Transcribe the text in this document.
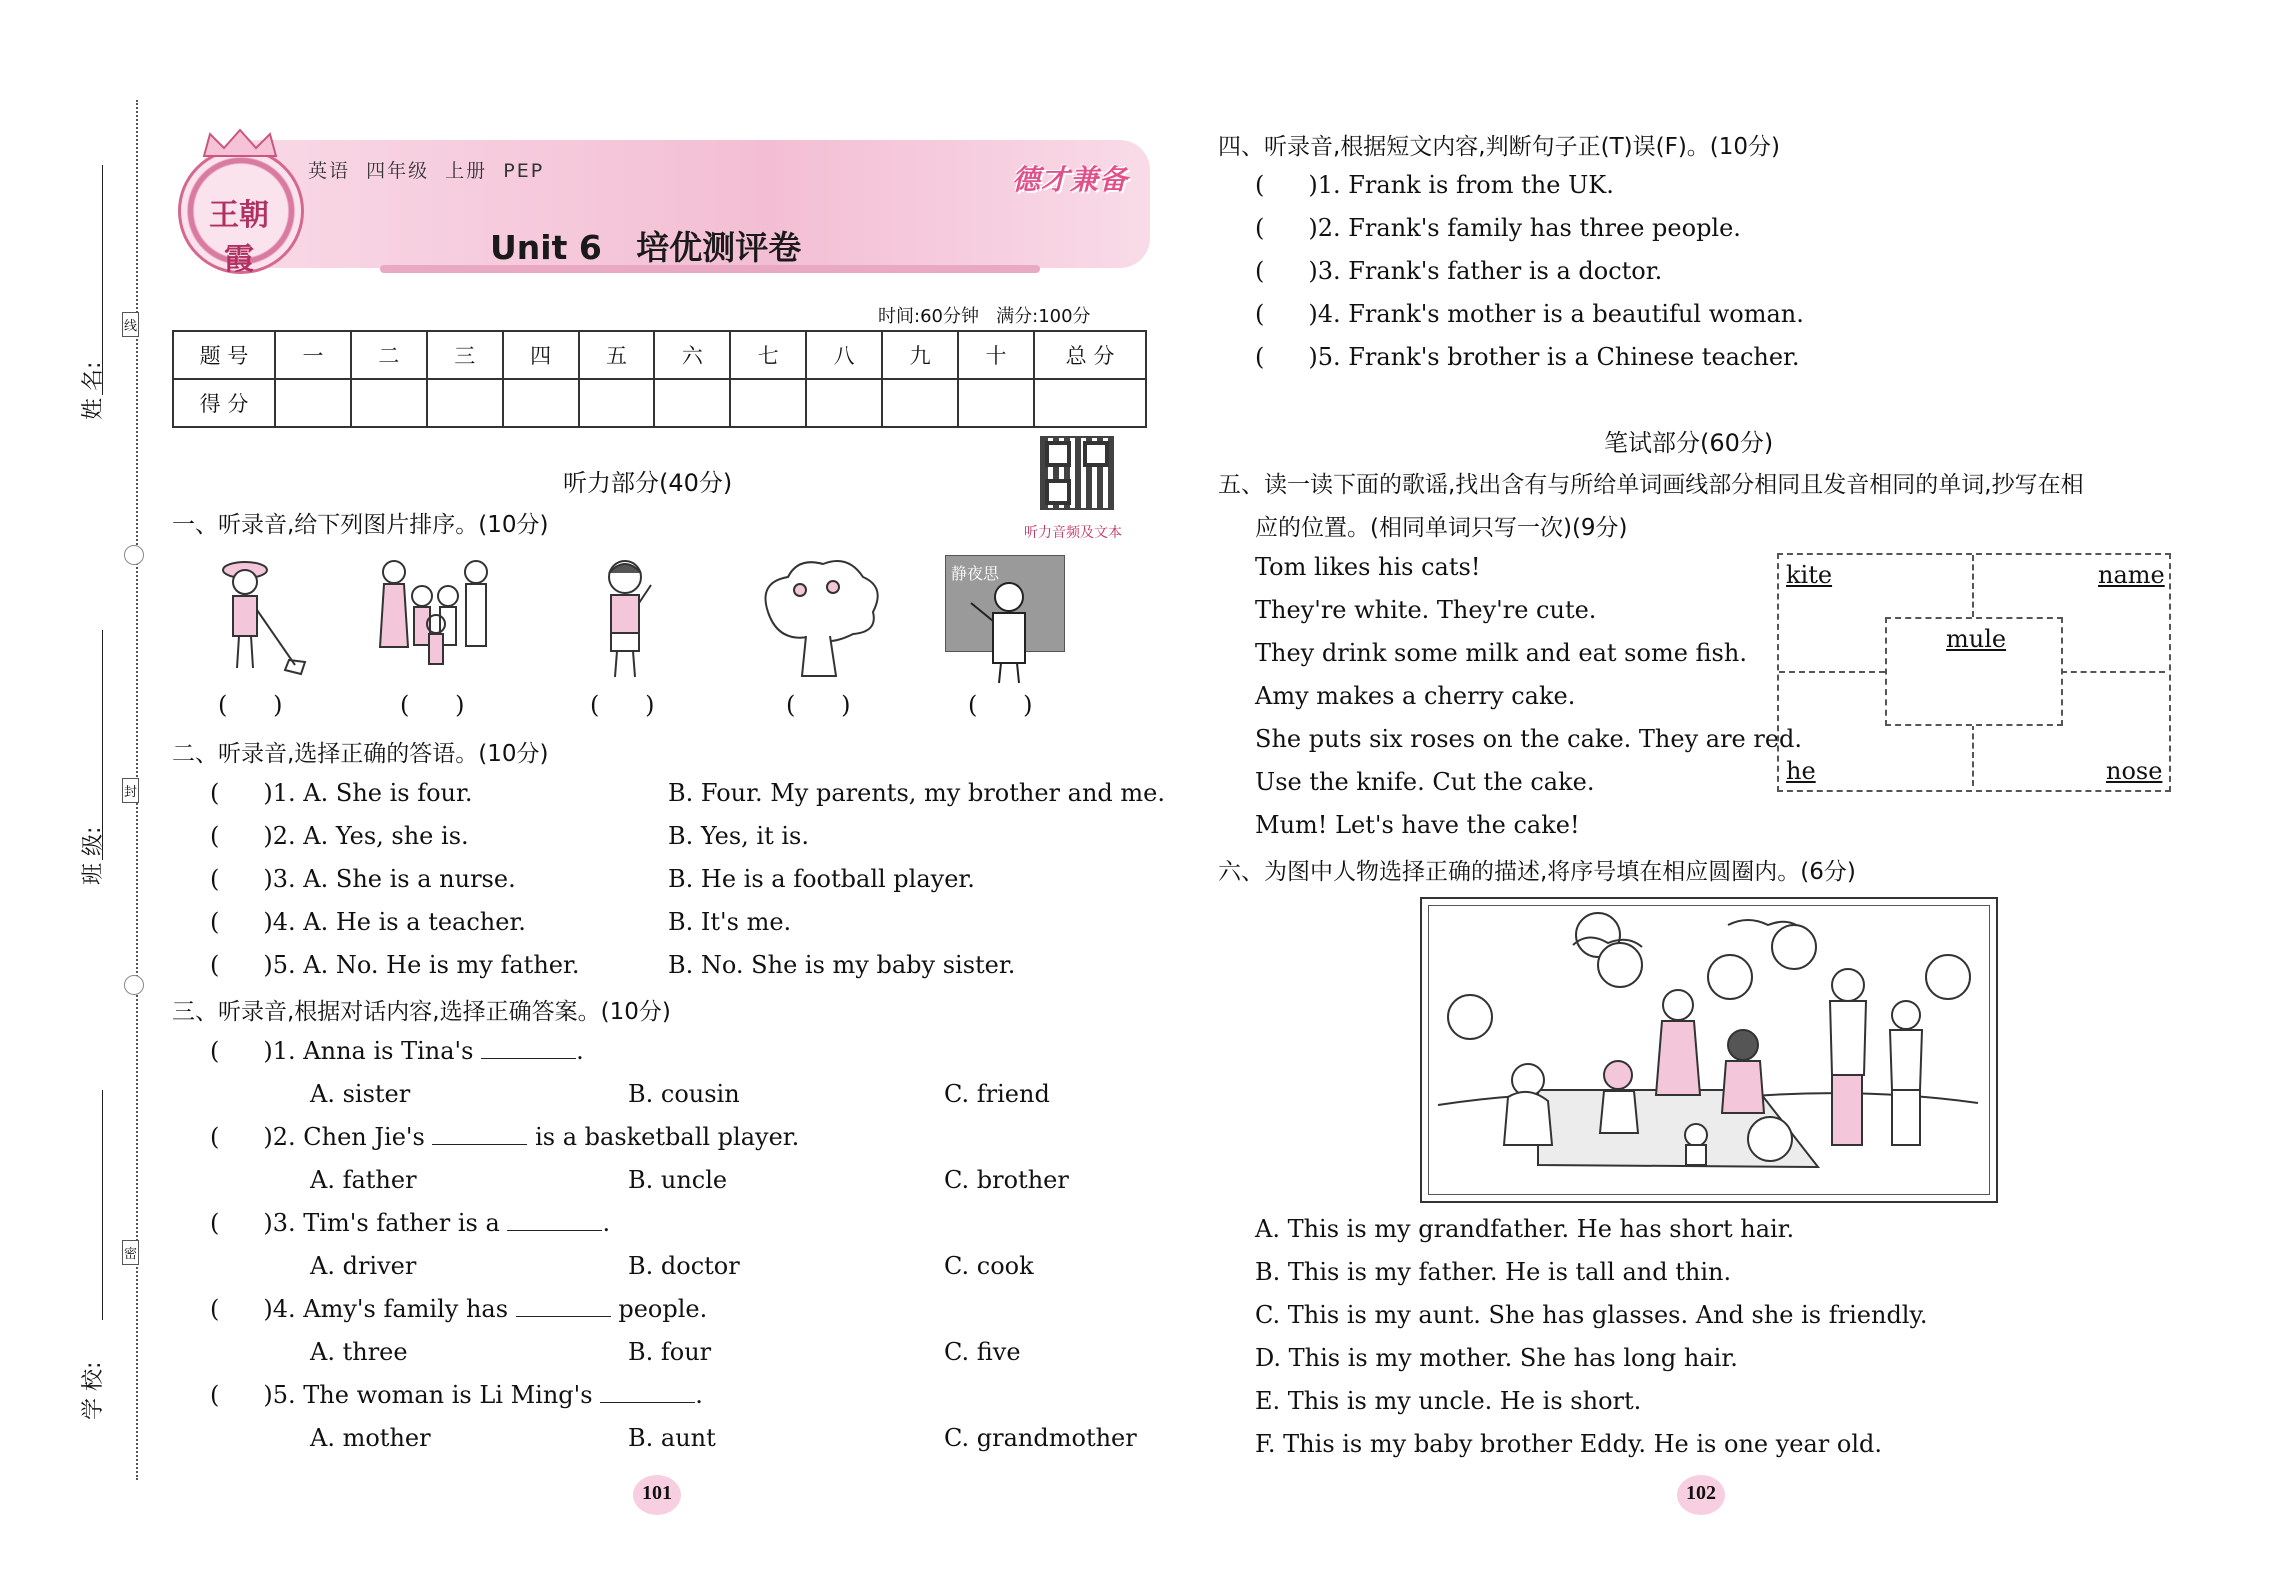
姓 名:
班 级:
学 校:
线
封
密
王朝霞
英语  四年级  上册  PEP	德才兼备
Unit 6   培优测评卷
时间:60分钟   满分:100分
题 号	一	二	三	四	五	六	七	八	九	十	总 分
得 分											
听力部分(40分)
听力音频及文本
一、听录音,给下列图片排序。(10分)
静夜思
(      )	(      )	(      )	(      )	(      )
二、听录音,选择正确的答语。(10分)
( )1. A. She is four.	B. Four. My parents, my brother and me.
( )2. A. Yes, she is.	B. Yes, it is.
( )3. A. She is a nurse.	B. He is a football player.
( )4. A. He is a teacher.	B. It's me.
( )5. A. No. He is my father.	B. No. She is my baby sister.
三、听录音,根据对话内容,选择正确答案。(10分)
( )1. Anna is Tina's	.
A. sister	B. cousin	C. friend
( )2. Chen Jie's	is a basketball player.
A. father	B. uncle	C. brother
( )3. Tim's father is a	.
A. driver	B. doctor	C. cook
( )4. Amy's family has	people.
A. three	B. four	C. five
( )5. The woman is Li Ming's	.
A. mother	B. aunt	C. grandmother
101
四、听录音,根据短文内容,判断句子正(T)误(F)。(10分)
( )1. Frank is from the UK.
( )2. Frank's family has three people.
( )3. Frank's father is a doctor.
( )4. Frank's mother is a beautiful woman.
( )5. Frank's brother is a Chinese teacher.
笔试部分(60分)
五、读一读下面的歌谣,找出含有与所给单词画线部分相同且发音相同的单词,抄写在相
应的位置。(相同单词只写一次)(9分)
Tom likes his cats!
They're white. They're cute.
They drink some milk and eat some fish.
Amy makes a cherry cake.
She puts six roses on the cake. They are red.
Use the knife. Cut the cake.
Mum! Let's have the cake!
kite	name
mule
he	nose
六、为图中人物选择正确的描述,将序号填在相应圆圈内。(6分)
A. This is my grandfather. He has short hair.
B. This is my father. He is tall and thin.
C. This is my aunt. She has glasses. And she is friendly.
D. This is my mother. She has long hair.
E. This is my uncle. He is short.
F. This is my baby brother Eddy. He is one year old.
102
